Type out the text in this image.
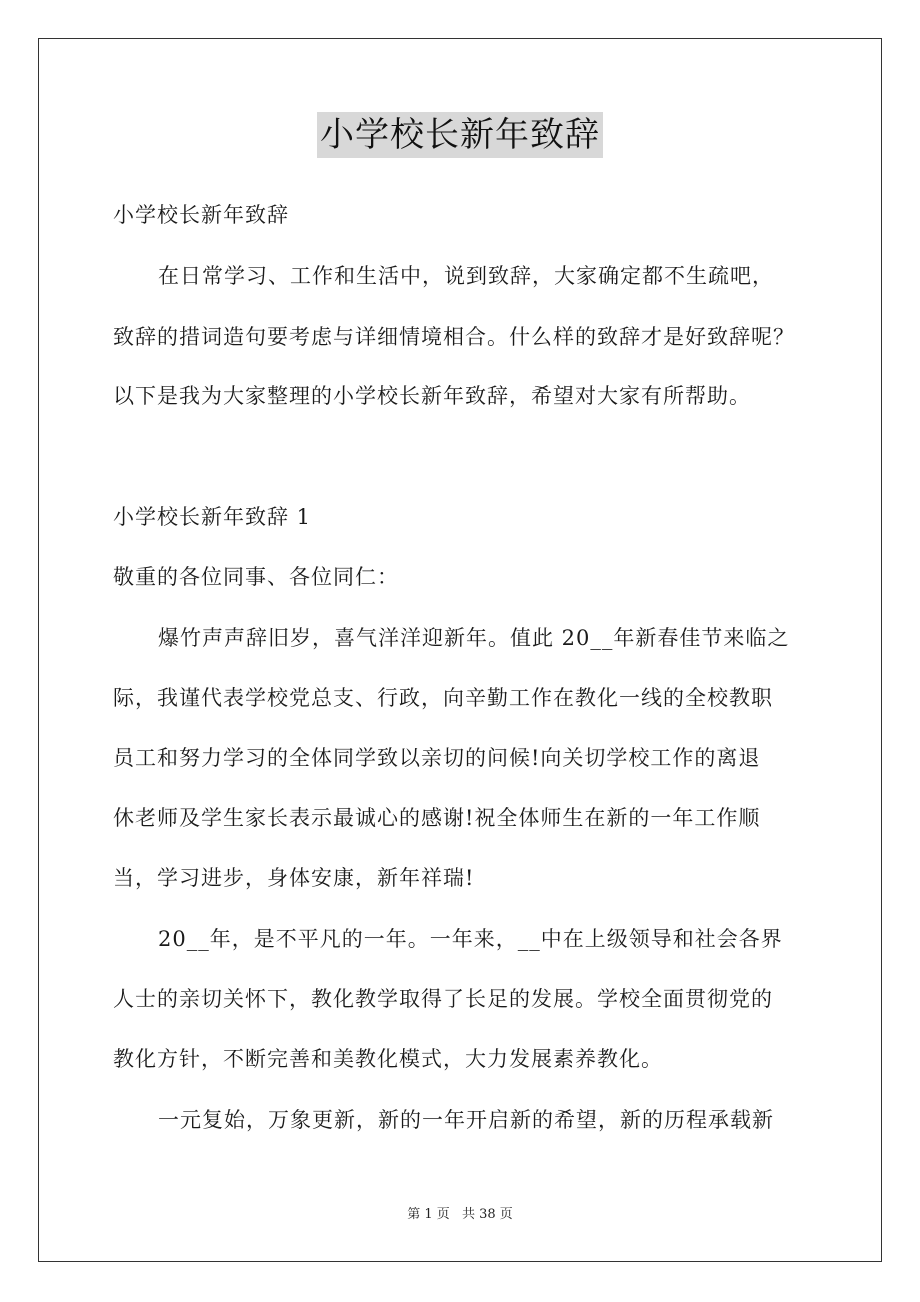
小学校长新年致辞
小学校长新年致辞
在日常学习、工作和生活中，说到致辞，大家确定都不生疏吧，
致辞的措词造句要考虑与详细情境相合。什么样的致辞才是好致辞呢？
以下是我为大家整理的小学校长新年致辞，希望对大家有所帮助。
小学校长新年致辞 1
敬重的各位同事、各位同仁：
爆竹声声辞旧岁，喜气洋洋迎新年。值此 20__年新春佳节来临之
际，我谨代表学校党总支、行政，向辛勤工作在教化一线的全校教职
员工和努力学习的全体同学致以亲切的问候!向关切学校工作的离退
休老师及学生家长表示最诚心的感谢!祝全体师生在新的一年工作顺
当，学习进步，身体安康，新年祥瑞!
20__年，是不平凡的一年。一年来，__中在上级领导和社会各界
人士的亲切关怀下，教化教学取得了长足的发展。学校全面贯彻党的
教化方针，不断完善和美教化模式，大力发展素养教化。
一元复始，万象更新，新的一年开启新的希望，新的历程承载新
第 1 页 共 38 页
